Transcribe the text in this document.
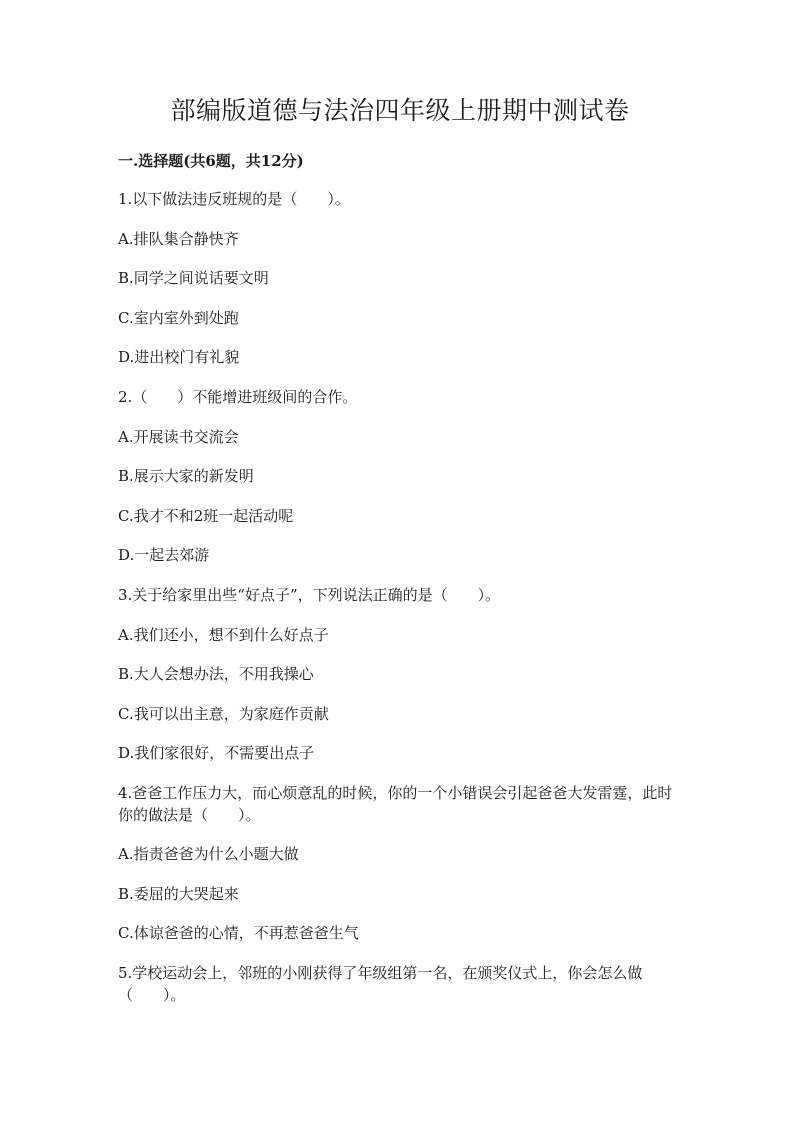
部编版道德与法治四年级上册期中测试卷
一.选择题(共6题，共12分)
1.以下做法违反班规的是（　　）。
A.排队集合静快齐
B.同学之间说话要文明
C.室内室外到处跑
D.进出校门有礼貌
2.（　　）不能增进班级间的合作。
A.开展读书交流会
B.展示大家的新发明
C.我才不和2班一起活动呢
D.一起去郊游
3.关于给家里出些“好点子”，下列说法正确的是（　　）。
A.我们还小，想不到什么好点子
B.大人会想办法，不用我操心
C.我可以出主意，为家庭作贡献
D.我们家很好，不需要出点子
4.爸爸工作压力大，而心烦意乱的时候，你的一个小错误会引起爸爸大发雷霆，此时你的做法是（　　）。
A.指责爸爸为什么小题大做
B.委屈的大哭起来
C.体谅爸爸的心情，不再惹爸爸生气
5.学校运动会上，邻班的小刚获得了年级组第一名，在颁奖仪式上，你会怎么做（　　）。
